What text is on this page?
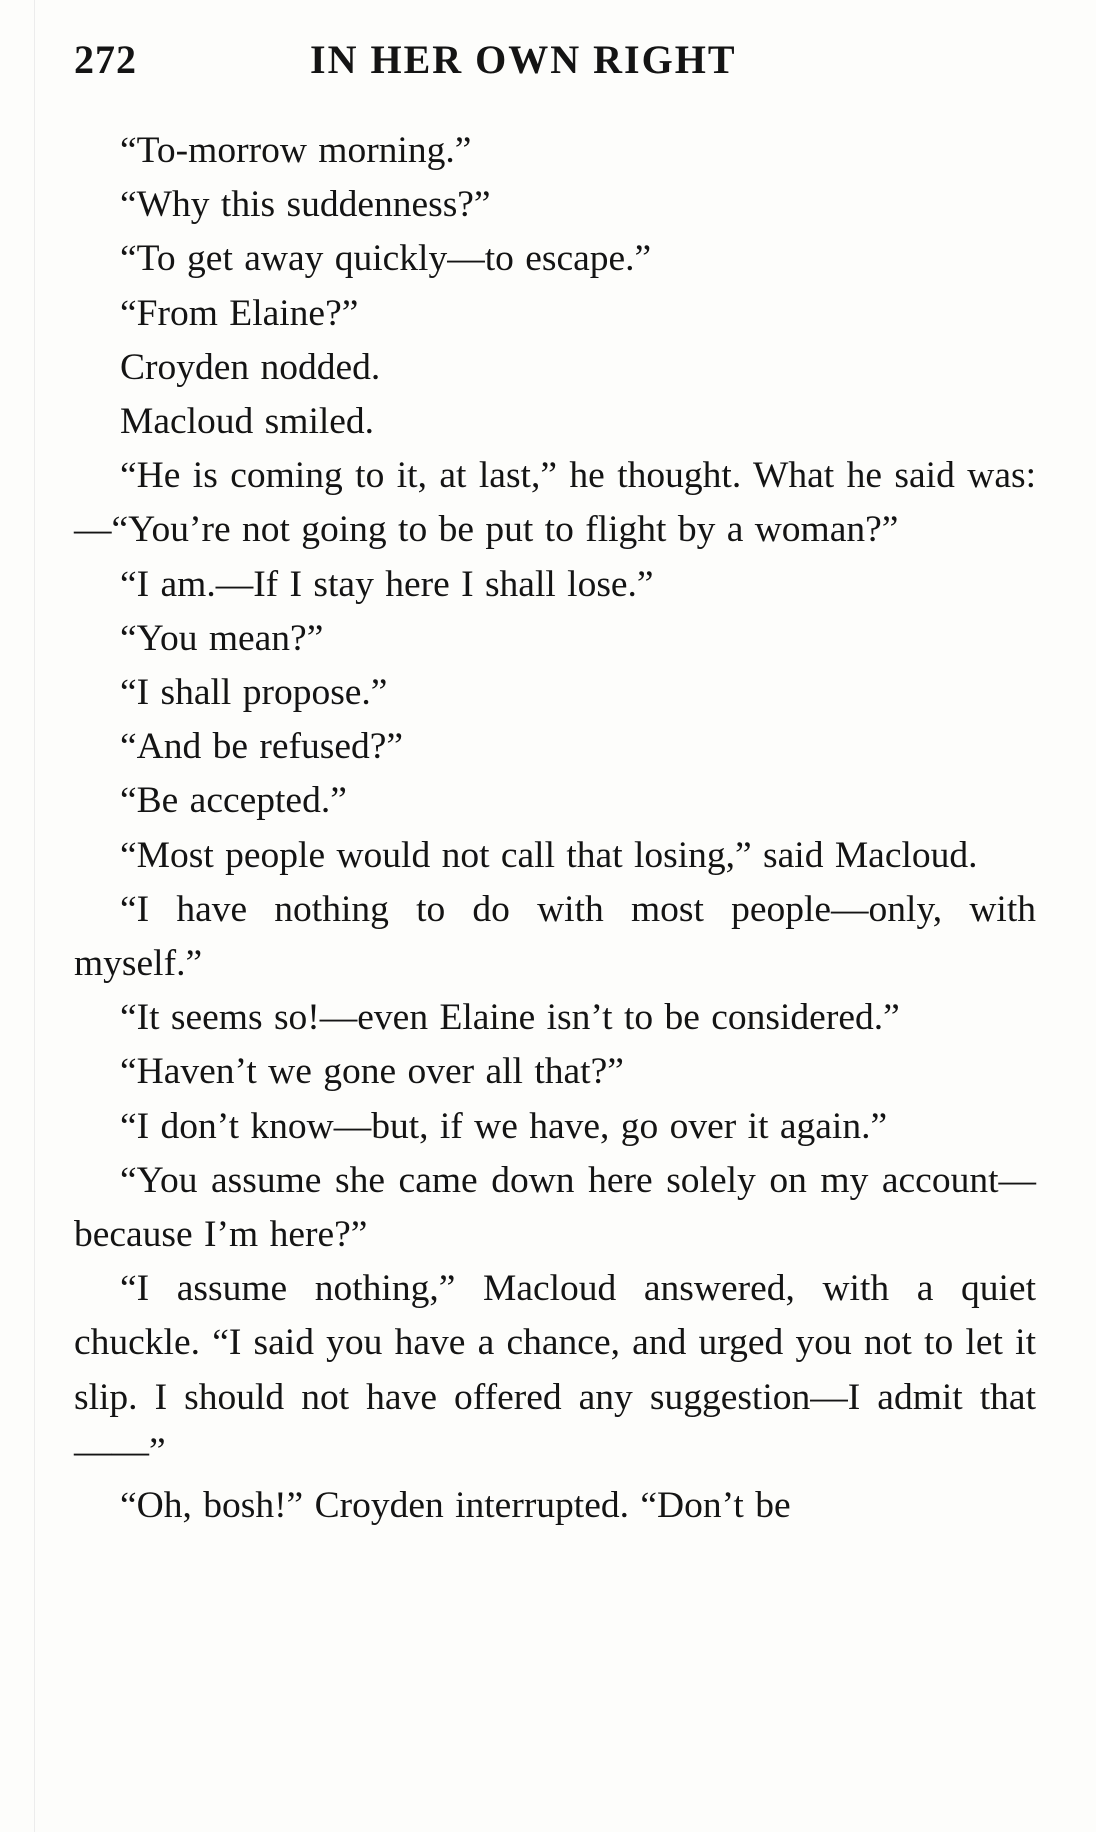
272	IN HER OWN RIGHT

“To-morrow morning.”

“Why this suddenness?”

“To get away quickly—to escape.”

“From Elaine?”

Croyden nodded.

Macloud smiled.

“He is coming to it, at last,” he thought. What he said was:—“You’re not going to be put to flight by a woman?”

“I am.—If I stay here I shall lose.”

“You mean?”

“I shall propose.”

“And be refused?”

“Be accepted.”

“Most people would not call that losing,” said Macloud.

“I have nothing to do with most people—only, with myself.”

“It seems so!—even Elaine isn’t to be considered.”

“Haven’t we gone over all that?”

“I don’t know—but, if we have, go over it again.”

“You assume she came down here solely on my account—because I’m here?”

“I assume nothing,” Macloud answered, with a quiet chuckle. “I said you have a chance, and urged you not to let it slip. I should not have offered any suggestion—I admit that——”

“Oh, bosh!” Croyden interrupted. “Don’t be
